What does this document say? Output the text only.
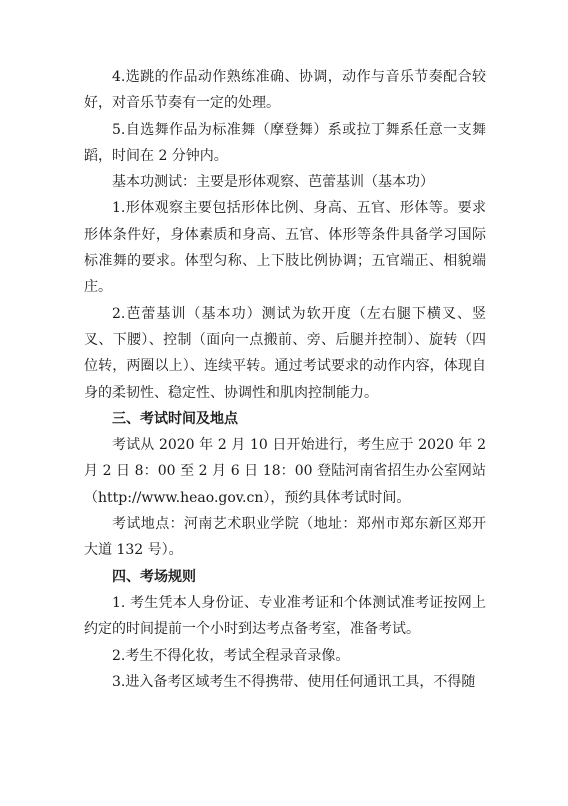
4.选跳的作品动作熟练准确、协调，动作与音乐节奏配合较好，对音乐节奏有一定的处理。

5.自选舞作品为标准舞（摩登舞）系或拉丁舞系任意一支舞蹈，时间在 2 分钟内。

基本功测试：主要是形体观察、芭蕾基训（基本功）

1.形体观察主要包括形体比例、身高、五官、形体等。要求形体条件好，身体素质和身高、五官、体形等条件具备学习国际标准舞的要求。体型匀称、上下肢比例协调；五官端正、相貌端庄。

2.芭蕾基训（基本功）测试为软开度（左右腿下横叉、竖叉、下腰）、控制（面向一点搬前、旁、后腿并控制）、旋转（四位转，两圈以上）、连续平转。通过考试要求的动作内容，体现自身的柔韧性、稳定性、协调性和肌肉控制能力。

三、考试时间及地点

考试从 2020 年 2 月 10 日开始进行，考生应于 2020 年 2 月 2 日 8：00 至 2 月 6 日 18：00 登陆河南省招生办公室网站（http://www.heao.gov.cn），预约具体考试时间。

考试地点：河南艺术职业学院（地址：郑州市郑东新区郑开大道 132 号）。

四、考场规则

1. 考生凭本人身份证、专业准考证和个体测试准考证按网上约定的时间提前一个小时到达考点备考室，准备考试。

2.考生不得化妆，考试全程录音录像。

3.进入备考区域考生不得携带、使用任何通讯工具，不得随
